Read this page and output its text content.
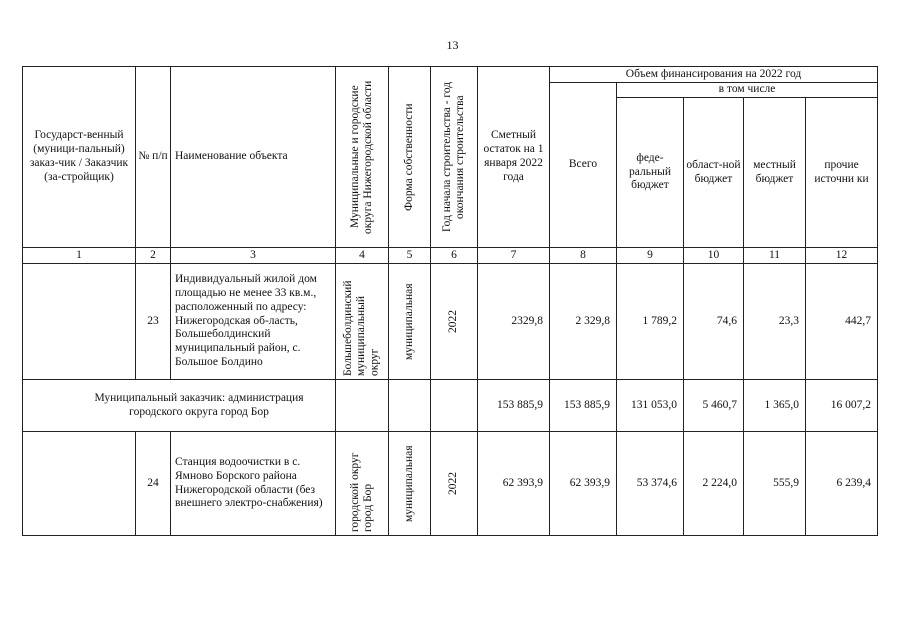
13
Государст-венный (муници-пальный) заказ-чик / Заказчик (за-стройщик)	№ п/п	Наименование объекта	Муниципальные и городские округа Нижегородской области	Форма собственности	Год начала строительства - год окончания строительства	Сметный остаток на 1 января 2022 года	Объем финансирования на 2022 год				
							Всего	в том числе			
								феде-ральный бюджет	област-ной бюджет	местный бюджет	прочие источни ки
1	2	3	4	5	6	7	8	9	10	11	12
	23	Индивидуальный жилой дом площадью не менее 33 кв.м., расположенный по адресу: Нижегородская об-ласть, Большеболдинский муниципальный район, с. Большое Болдино	Большеболдинский муниципальный округ	муниципальная	2022	2329,8	2 329,8	1 789,2	74,6	23,3	442,7
Муниципальный заказчик: администрация городского округа город Бор						153 885,9	153 885,9	131 053,0	5 460,7	1 365,0	16 007,2
	24	Станция водоочистки в с. Ямново Борского района Нижегородской области (без внешнего электро-снабжения)	городской округ город Бор	муниципальная	2022	62 393,9	62 393,9	53 374,6	2 224,0	555,9	6 239,4
